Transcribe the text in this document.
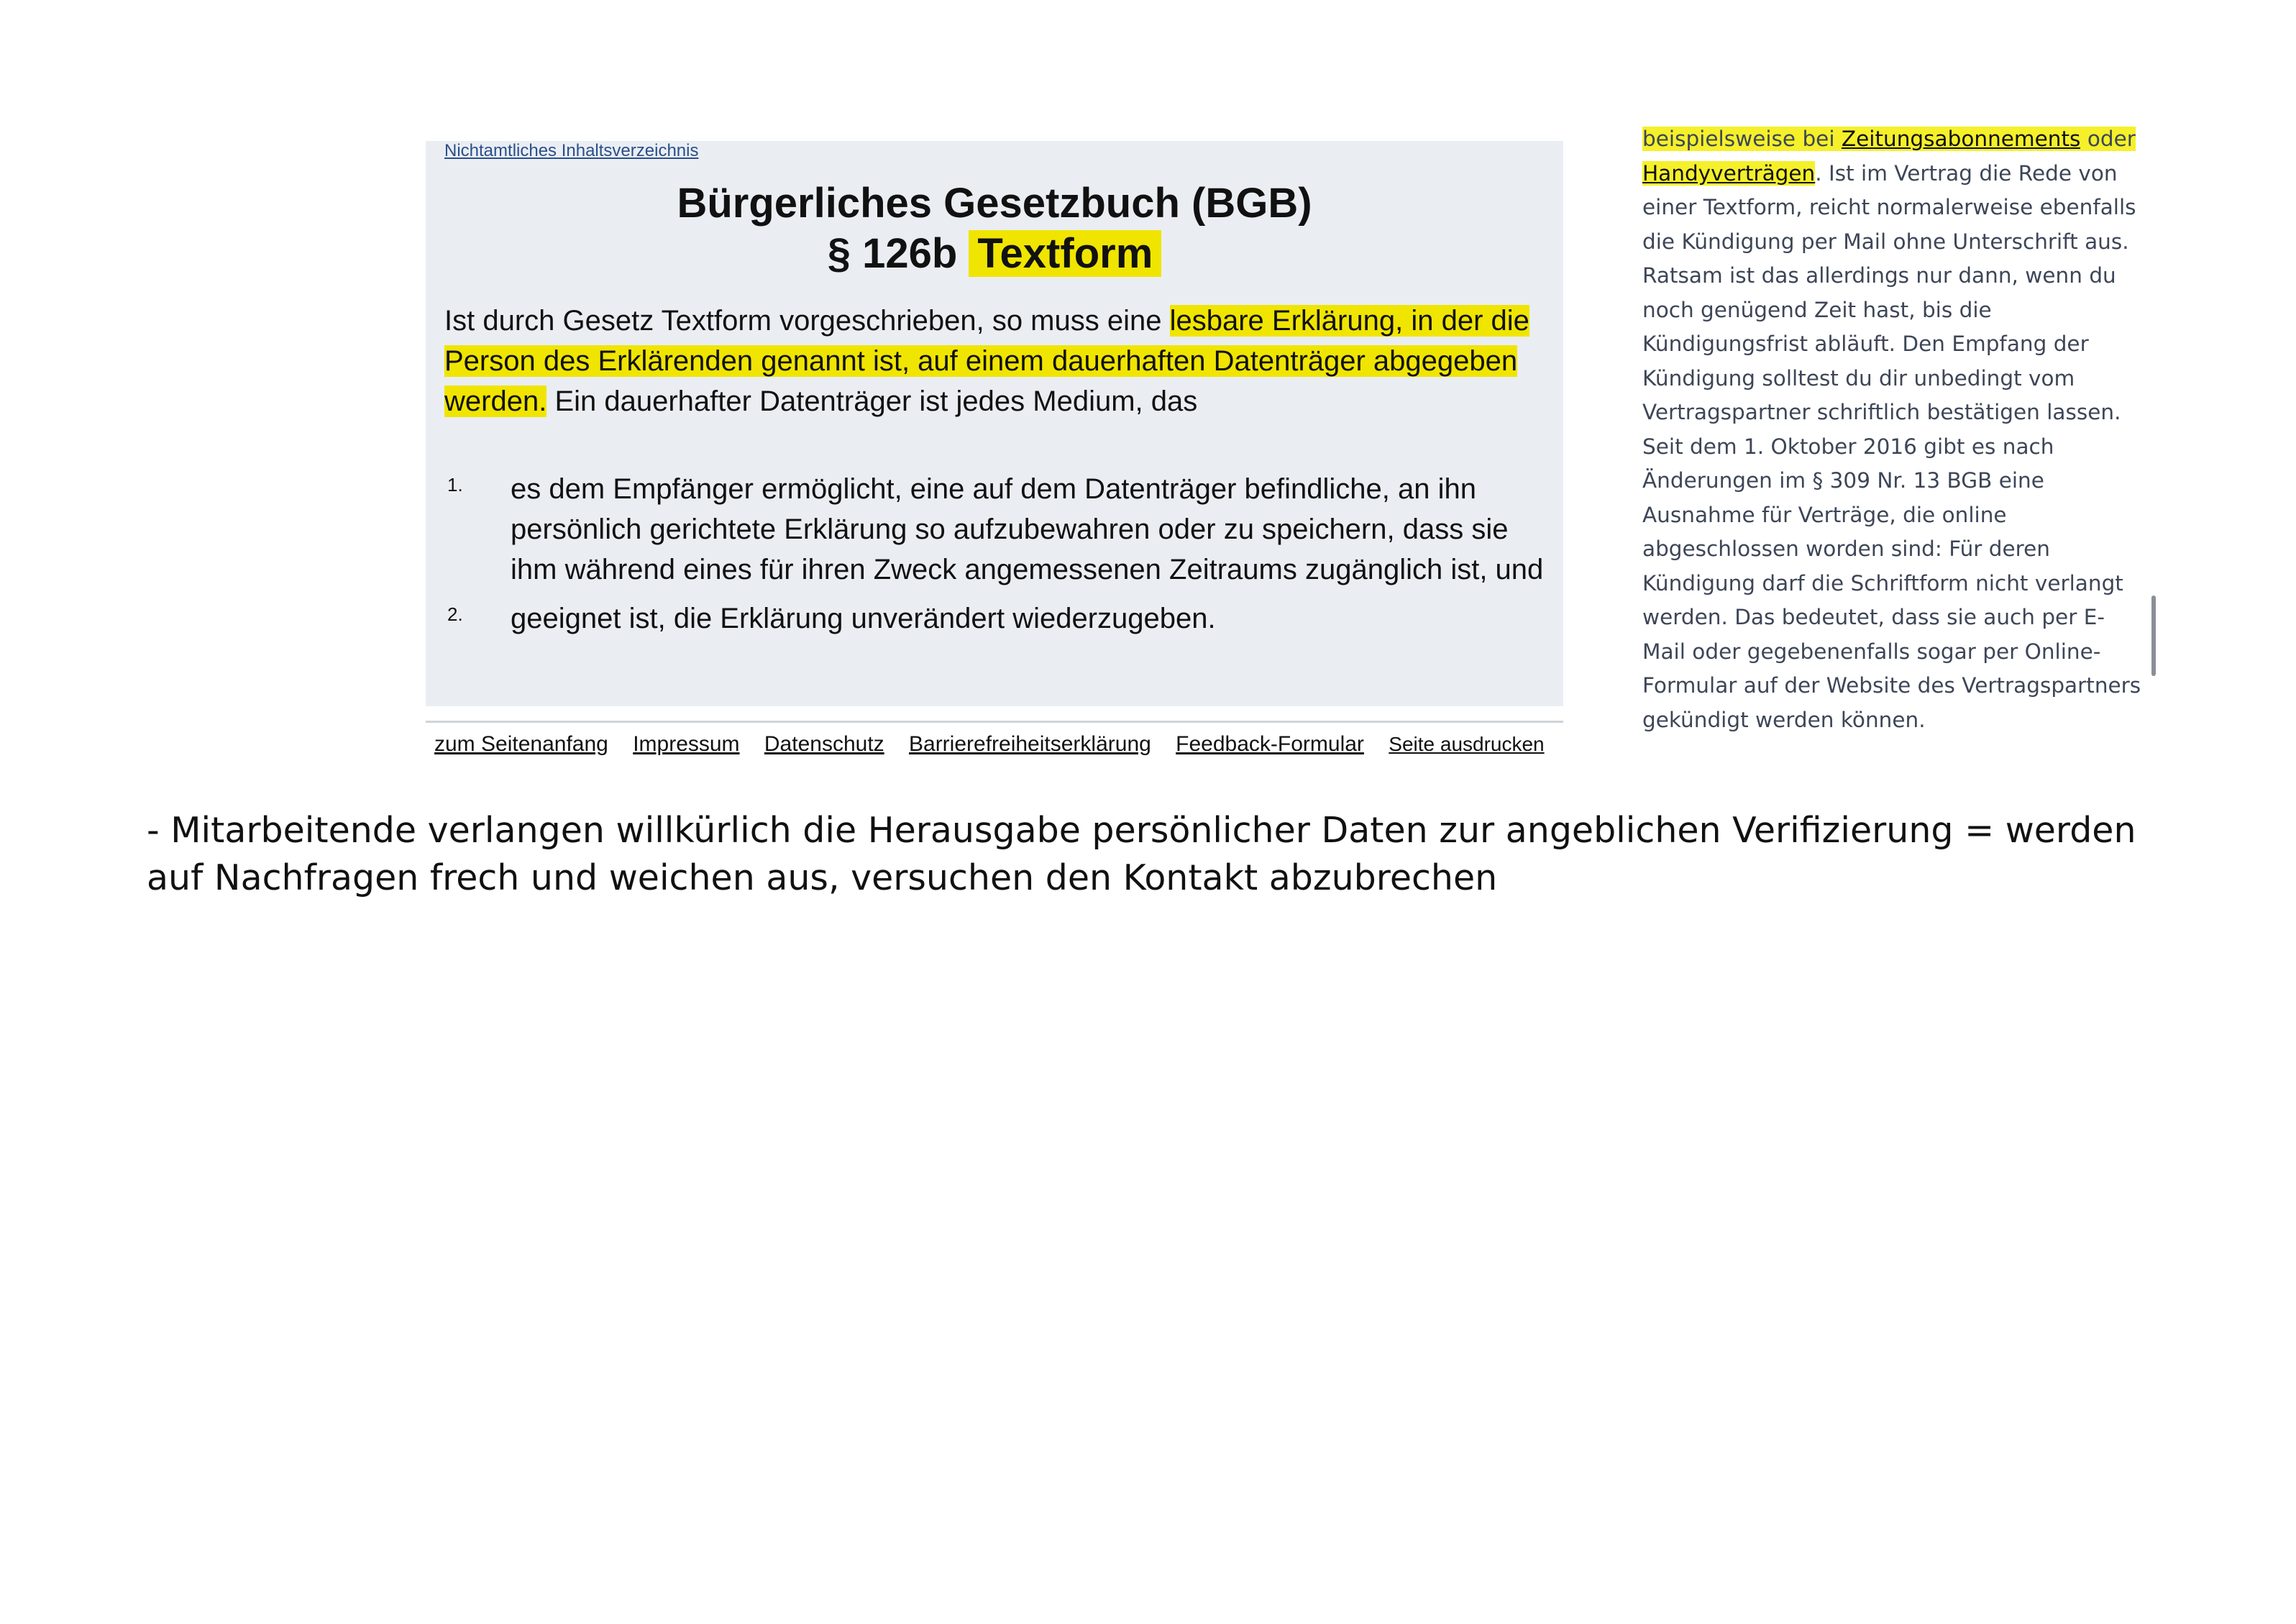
Nichtamtliches Inhaltsverzeichnis
Bürgerliches Gesetzbuch (BGB)
§ 126b Textform
Ist durch Gesetz Textform vorgeschrieben, so muss eine lesbare Erklärung, in der die Person des Erklärenden genannt ist, auf einem dauerhaften Datenträger abgegeben werden. Ein dauerhafter Datenträger ist jedes Medium, das
1. es dem Empfänger ermöglicht, eine auf dem Datenträger befindliche, an ihn persönlich gerichtete Erklärung so aufzubewahren oder zu speichern, dass sie ihm während eines für ihren Zweck angemessenen Zeitraums zugänglich ist, und
2. geeignet ist, die Erklärung unverändert wiederzugeben.
zum Seitenanfang Impressum Datenschutz Barrierefreiheitserklärung Feedback-Formular Seite ausdrucken
beispielsweise bei Zeitungsabonnements oder Handyverträgen. Ist im Vertrag die Rede von einer Textform, reicht normalerweise ebenfalls die Kündigung per Mail ohne Unterschrift aus. Ratsam ist das allerdings nur dann, wenn du noch genügend Zeit hast, bis die Kündigungsfrist abläuft. Den Empfang der Kündigung solltest du dir unbedingt vom Vertragspartner schriftlich bestätigen lassen. Seit dem 1. Oktober 2016 gibt es nach Änderungen im § 309 Nr. 13 BGB eine Ausnahme für Verträge, die online abgeschlossen worden sind: Für deren Kündigung darf die Schriftform nicht verlangt werden. Das bedeutet, dass sie auch per E-Mail oder gegebenenfalls sogar per Online-Formular auf der Website des Vertragspartners gekündigt werden können.
- Mitarbeitende verlangen willkürlich die Herausgabe persönlicher Daten zur angeblichen Verifizierung = werden auf Nachfragen frech und weichen aus, versuchen den Kontakt abzubrechen
